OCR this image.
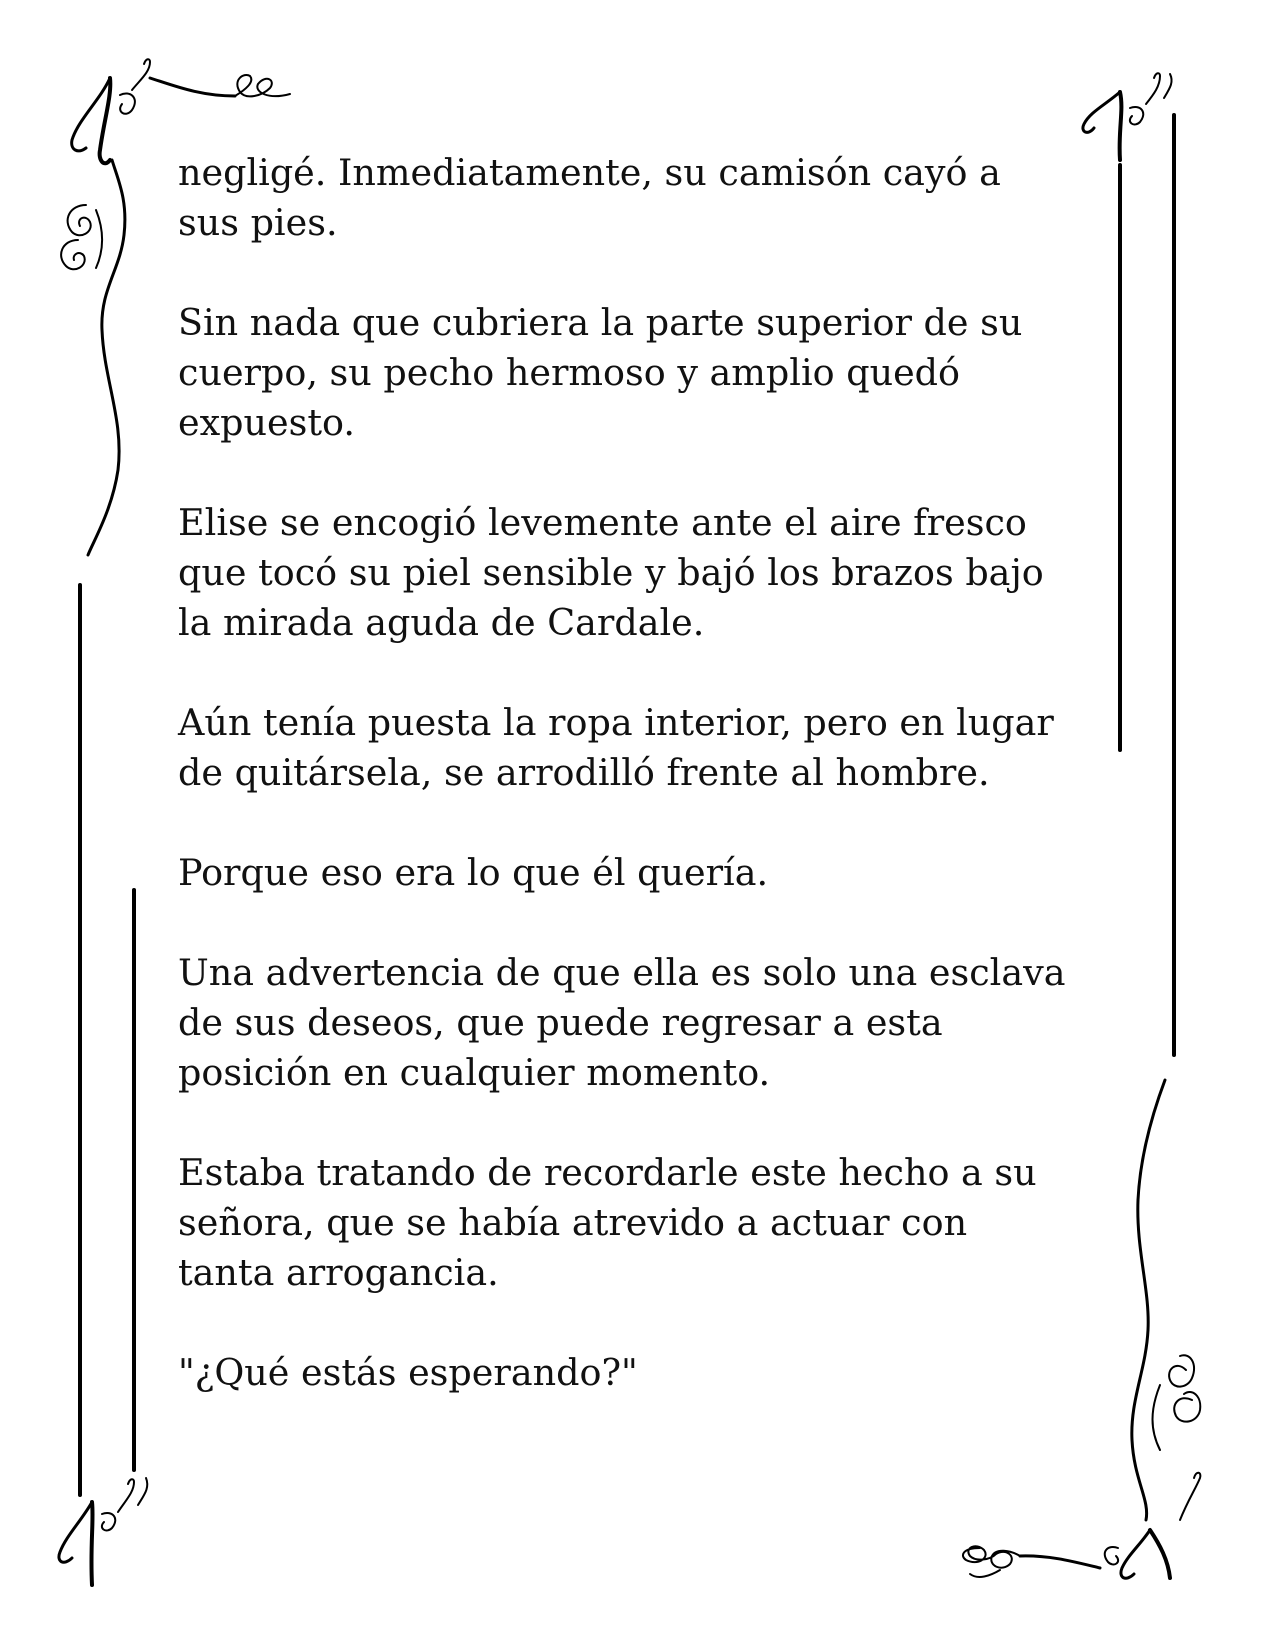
negligé. Inmediatamente, su camisón cayó a
sus pies.

Sin nada que cubriera la parte superior de su
cuerpo, su pecho hermoso y amplio quedó
expuesto.

Elise se encogió levemente ante el aire fresco
que tocó su piel sensible y bajó los brazos bajo
la mirada aguda de Cardale.

Aún tenía puesta la ropa interior, pero en lugar
de quitársela, se arrodilló frente al hombre.

Porque eso era lo que él quería.

Una advertencia de que ella es solo una esclava
de sus deseos, que puede regresar a esta
posición en cualquier momento.

Estaba tratando de recordarle este hecho a su
señora, que se había atrevido a actuar con
tanta arrogancia.

"¿Qué estás esperando?"
